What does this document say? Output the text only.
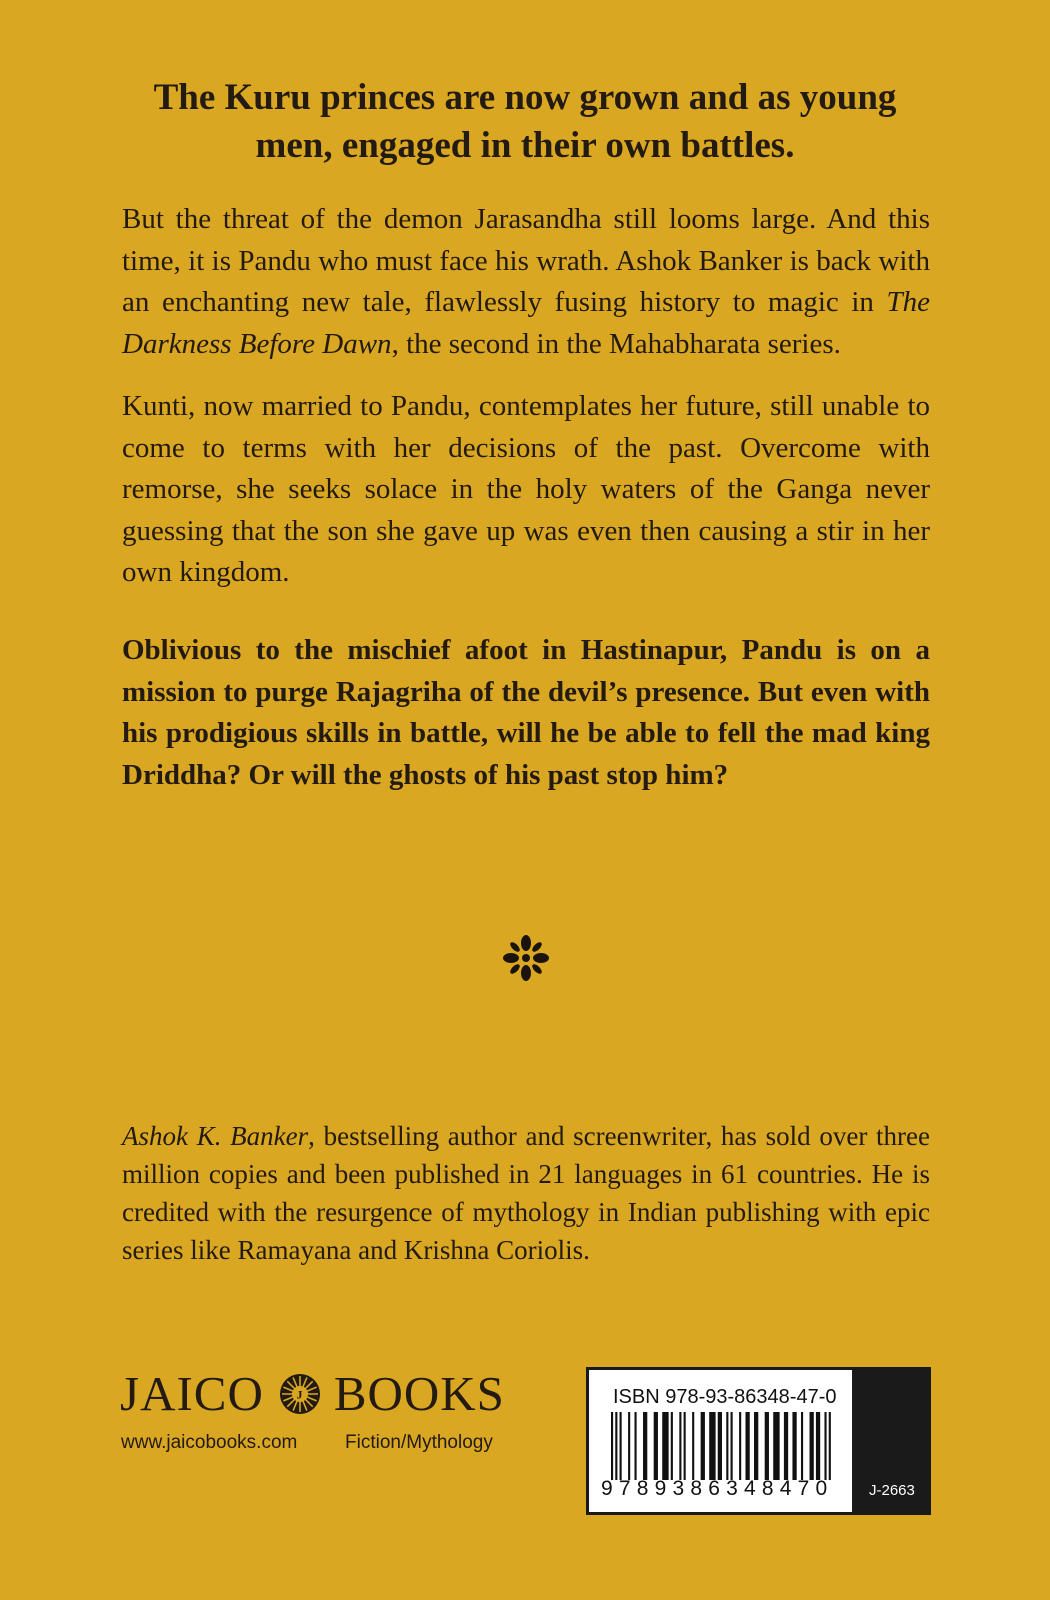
The Kuru princes are now grown and as young men, engaged in their own battles.

But the threat of the demon Jarasandha still looms large. And this time, it is Pandu who must face his wrath. Ashok Banker is back with an enchanting new tale, flawlessly fusing history to magic in The Darkness Before Dawn, the second in the Mahabharata series.

Kunti, now married to Pandu, contemplates her future, still unable to come to terms with her decisions of the past. Overcome with remorse, she seeks solace in the holy waters of the Ganga never guessing that the son she gave up was even then causing a stir in her own kingdom.

Oblivious to the mischief afoot in Hastinapur, Pandu is on a mission to purge Rajagriha of the devil’s presence. But even with his prodigious skills in battle, will he be able to fell the mad king Driddha? Or will the ghosts of his past stop him?

Ashok K. Banker, bestselling author and screenwriter, has sold over three million copies and been published in 21 languages in 61 countries. He is credited with the resurgence of mythology in Indian publishing with epic series like Ramayana and Krishna Coriolis.

JAICO	J BOOKS
www.jaicobooks.com	Fiction/Mythology
ISBN 978-93-86348-47-0
9789386348470 J-2663
